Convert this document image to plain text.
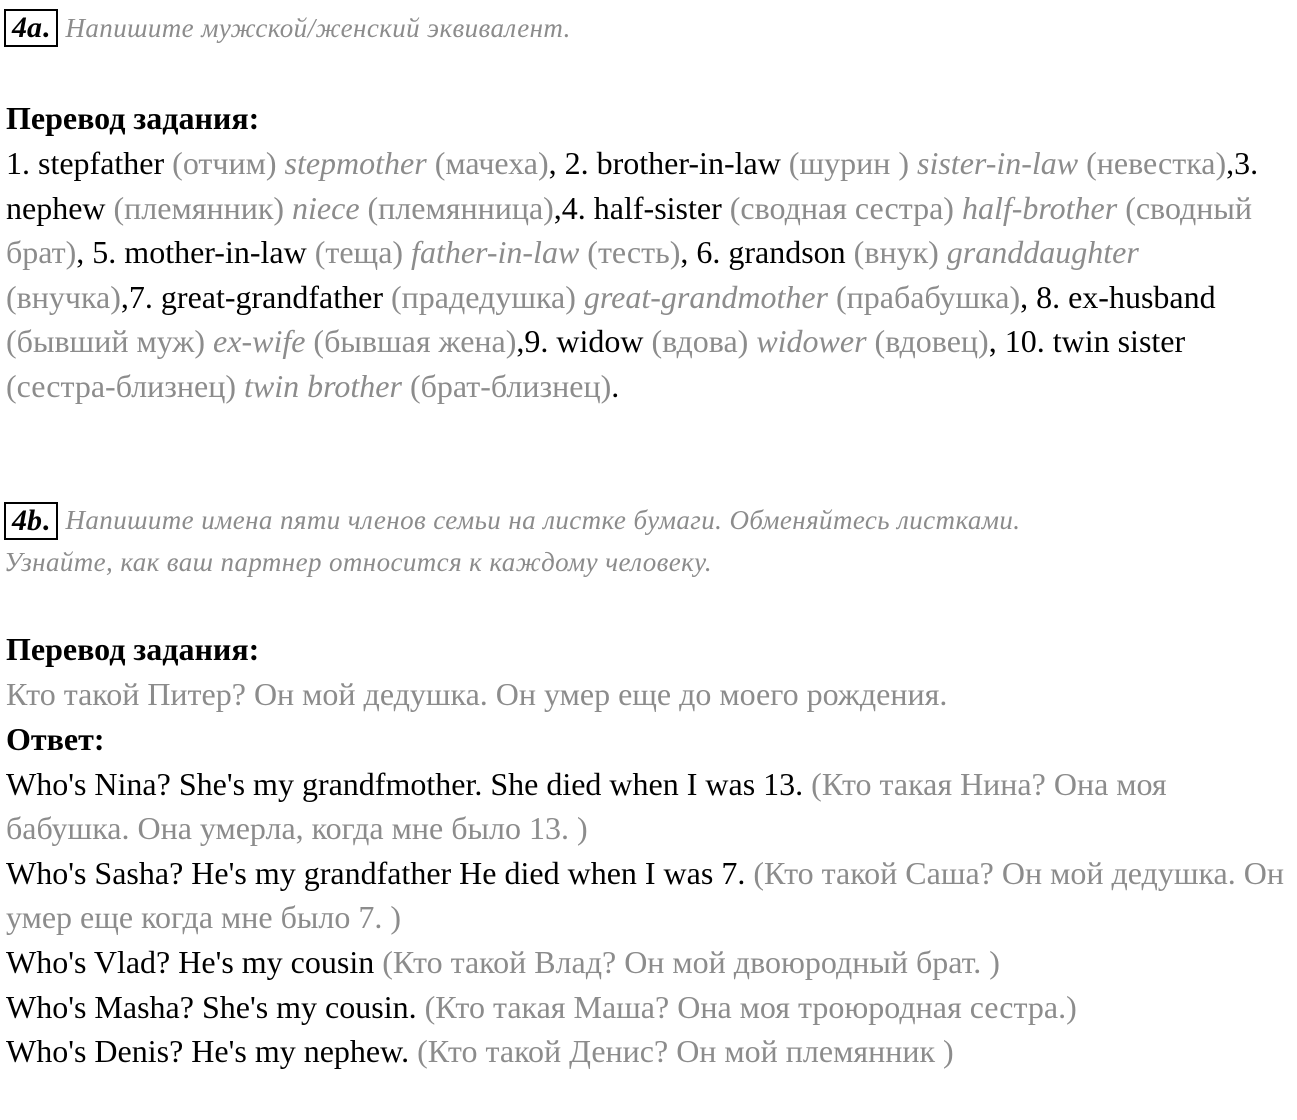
4a. Напишите мужской/женский эквивалент.
Перевод задания:
1. stepfather (отчим) stepmother (мачеха), 2. brother-in-law (шурин ) sister-in-law (невестка),3. nephew (племянник) niece (племянница),4. half-sister (сводная сестра) half-brother (сводный брат), 5. mother-in-law (теща) father-in-law (тесть), 6. grandson (внук) granddaughter (внучка),7. great-grandfather (прадедушка) great-grandmother (прабабушка), 8. ex-husband (бывший муж) ex-wife (бывшая жена),9. widow (вдова) widower (вдовец), 10. twin sister (сестра-близнец) twin brother (брат-близнец).
4b. Напишите имена пяти членов семьи на листке бумаги. Обменяйтесь листками.
Узнайте, как ваш партнер относится к каждому человеку.
Перевод задания:
Кто такой Питер? Он мой дедушка. Он умер еще до моего рождения.
Ответ:
Who's Nina? She's my grandfmother. She died when I was 13. (Кто такая Нина? Она моя бабушка. Она умерла, когда мне было 13. )
Who's Sasha? He's my grandfather He died when I was 7. (Кто такой Саша? Он мой дедушка. Он умер еще когда мне было 7. )
Who's Vlad? He's my cousin (Кто такой Влад? Он мой двоюродный брат. )
Who's Masha? She's my cousin. (Кто такая Маша? Она моя троюродная сестра.)
Who's Denis? He's my nephew. (Кто такой Денис? Он мой племянник )
